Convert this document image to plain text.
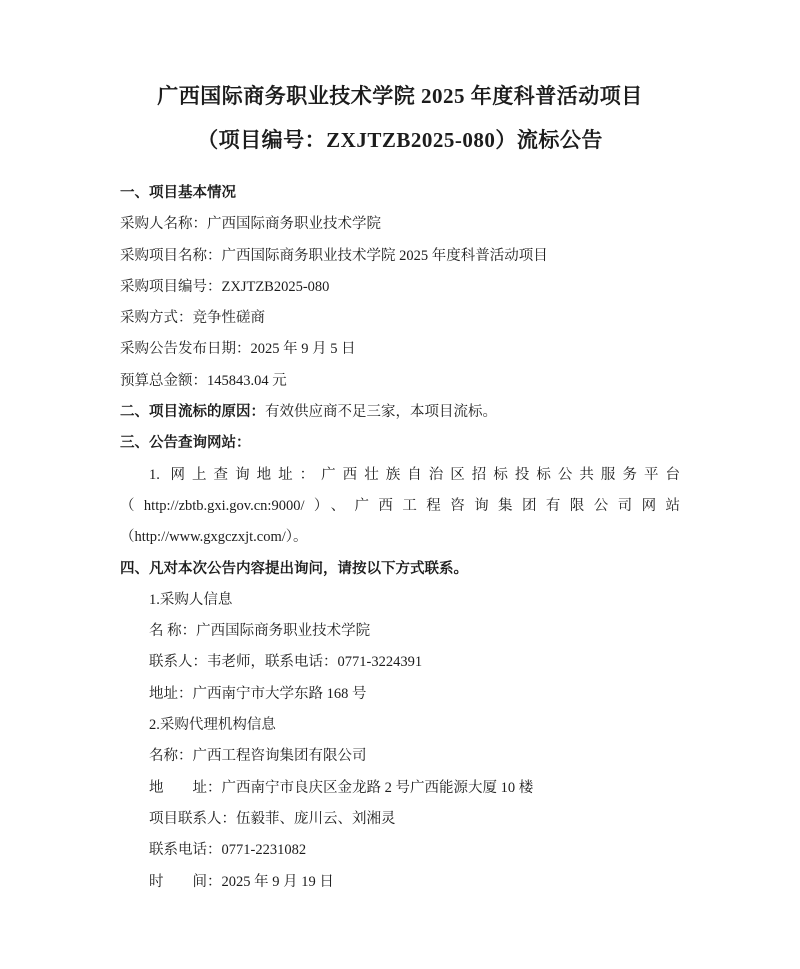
广西国际商务职业技术学院 2025 年度科普活动项目
（项目编号：ZXJTZB2025-080）流标公告

一、项目基本情况

采购人名称：广西国际商务职业技术学院

采购项目名称：广西国际商务职业技术学院 2025 年度科普活动项目

采购项目编号：ZXJTZB2025-080

采购方式：竞争性磋商

采购公告发布日期：2025 年 9 月 5 日

预算总金额：145843.04 元

二、项目流标的原因：有效供应商不足三家，本项目流标。

三、公告查询网站：

1. 网上查询地址：广西壮族自治区招标投标公共服务平台

（http://zbtb.gxi.gov.cn:9000/）、广西工程咨询集团有限公司网站

（http://www.gxgczxjt.com/）。

四、凡对本次公告内容提出询问，请按以下方式联系。

1.采购人信息

名 称：广西国际商务职业技术学院

联系人：韦老师，联系电话：0771-3224391

地址：广西南宁市大学东路 168 号

2.采购代理机构信息

名称：广西工程咨询集团有限公司

地　　址：广西南宁市良庆区金龙路 2 号广西能源大厦 10 楼

项目联系人：伍毅菲、庞川云、刘湘灵

联系电话：0771-2231082

时　　间：2025 年 9 月 19 日
